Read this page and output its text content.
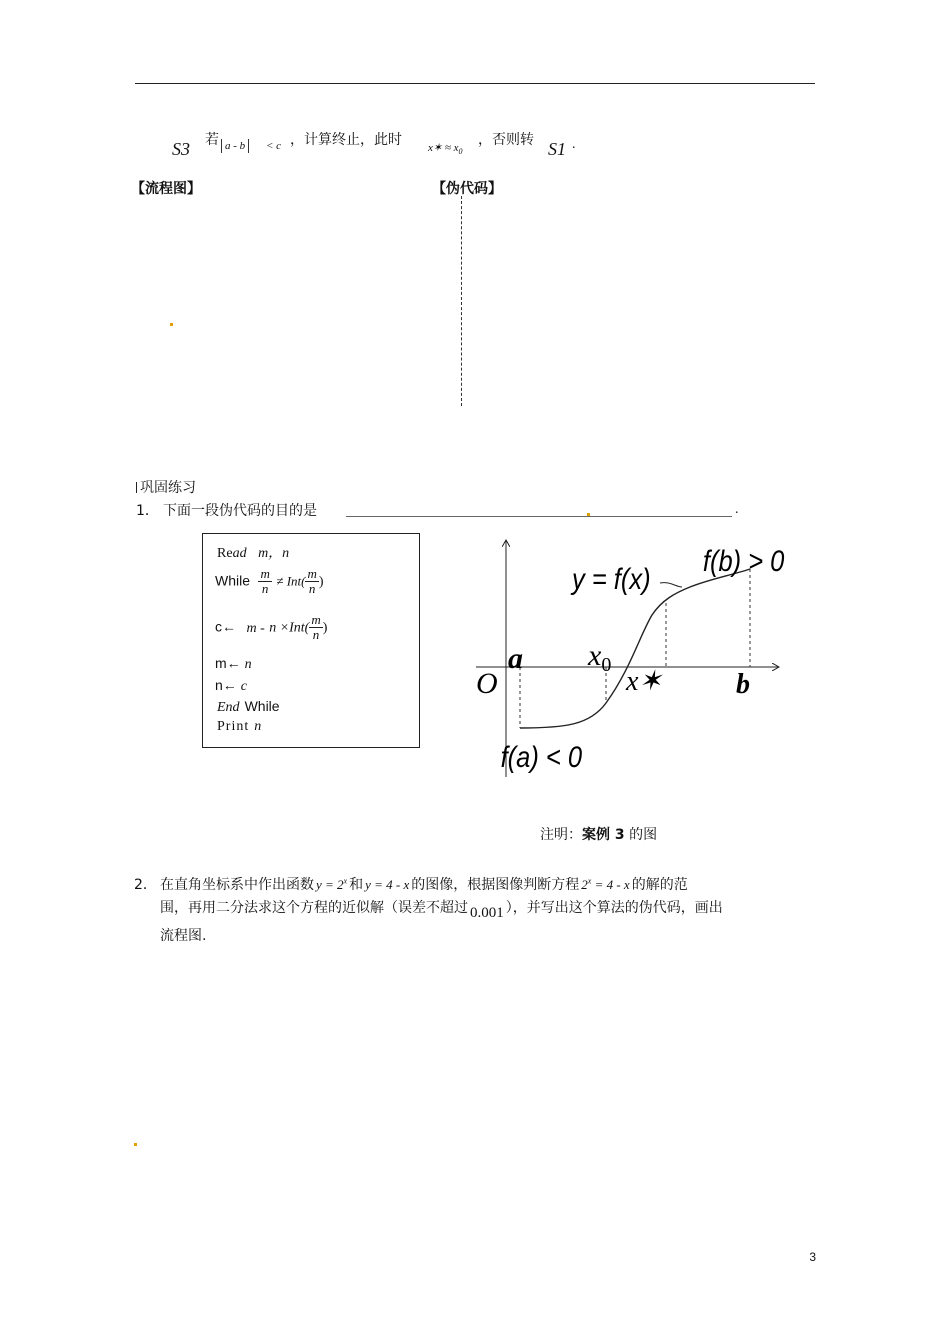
S3 若 a - b	< c ，计算终止，此时 x✶ ≈ $x_0$
，否则转 S1 .
【流程图】	【伪代码】
巩固练习
1． 下面一段伪代码的目的是	.
Read m，n
While $\frac{m}{n} \ne Int( \frac{m}{n}$ )
c← $m - n \times Int( \frac{m}{n}$ )
m← n
n← c
End While
Print n
y = f(x)
f(b) > 0
f(a) < 0
a
O
$x_0$
x✶	b
注明：案例 3 的图
2． 在直角坐标系中作出函数 $y = 2^x$ 和 y = 4 - x 的图像，根据图像判断方程 $2^x = 4 - x$ 的解的范
围，再用二分法求这个方程的近似解（误差不超过 0.001 ），并写出这个算法的伪代码，画出
流程图.
3
